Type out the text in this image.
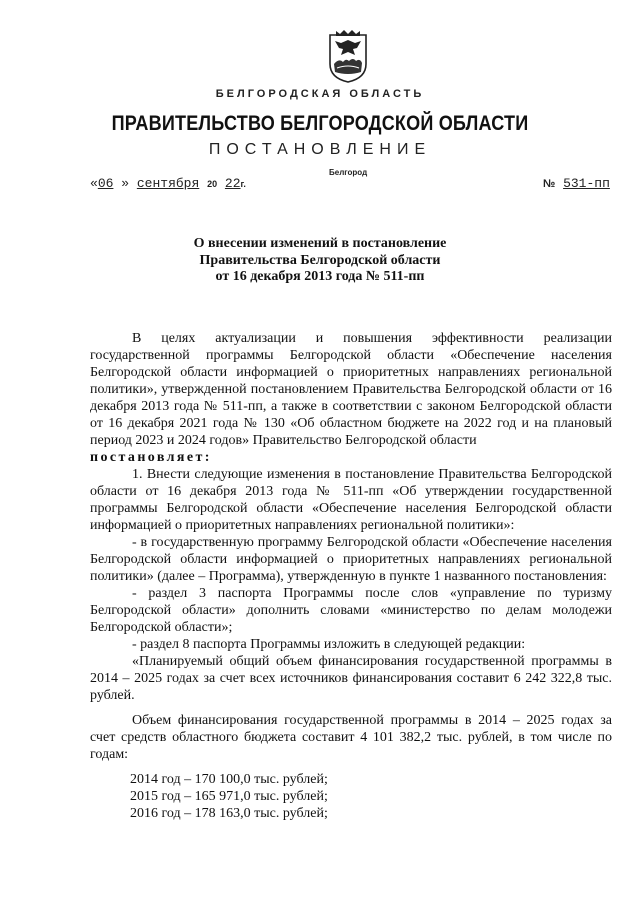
БЕЛГОРОДСКАЯ ОБЛАСТЬ
ПРАВИТЕЛЬСТВО БЕЛГОРОДСКОЙ ОБЛАСТИ
ПОСТАНОВЛЕНИЕ
Белгород
«06 » сентября 20 22г.	№ 531-пп
О внесении изменений в постановление
Правительства Белгородской области
от 16 декабря 2013 года № 511-пп

В целях актуализации и повышения эффективности реализации государственной программы Белгородской области «Обеспечение населения Белгородской области информацией о приоритетных направлениях региональной политики», утвержденной постановлением Правительства Белгородской области от 16 декабря 2013 года № 511-пп, а также в соответствии с законом Белгородской области от 16 декабря 2021 года № 130 «Об областном бюджете на 2022 год и на плановый период 2023 и 2024 годов» Правительство Белгородской области

постановляет:

1. Внести следующие изменения в постановление Правительства Белгородской области от 16 декабря 2013 года № 511-пп «Об утверждении государственной программы Белгородской области «Обеспечение населения Белгородской области информацией о приоритетных направлениях региональной политики»:

- в государственную программу Белгородской области «Обеспечение населения Белгородской области информацией о приоритетных направлениях региональной политики» (далее – Программа), утвержденную в пункте 1 названного постановления:

- раздел 3 паспорта Программы после слов «управление по туризму Белгородской области» дополнить словами «министерство по делам молодежи Белгородской области»;

- раздел 8 паспорта Программы изложить в следующей редакции:

«Планируемый общий объем финансирования государственной программы в 2014 – 2025 годах за счет всех источников финансирования составит 6 242 322,8 тыс. рублей.

Объем финансирования государственной программы в 2014 – 2025 годах за счет средств областного бюджета составит 4 101 382,2 тыс. рублей, в том числе по годам:

2014 год – 170 100,0 тыс. рублей;

2015 год – 165 971,0 тыс. рублей;

2016 год – 178 163,0 тыс. рублей;
